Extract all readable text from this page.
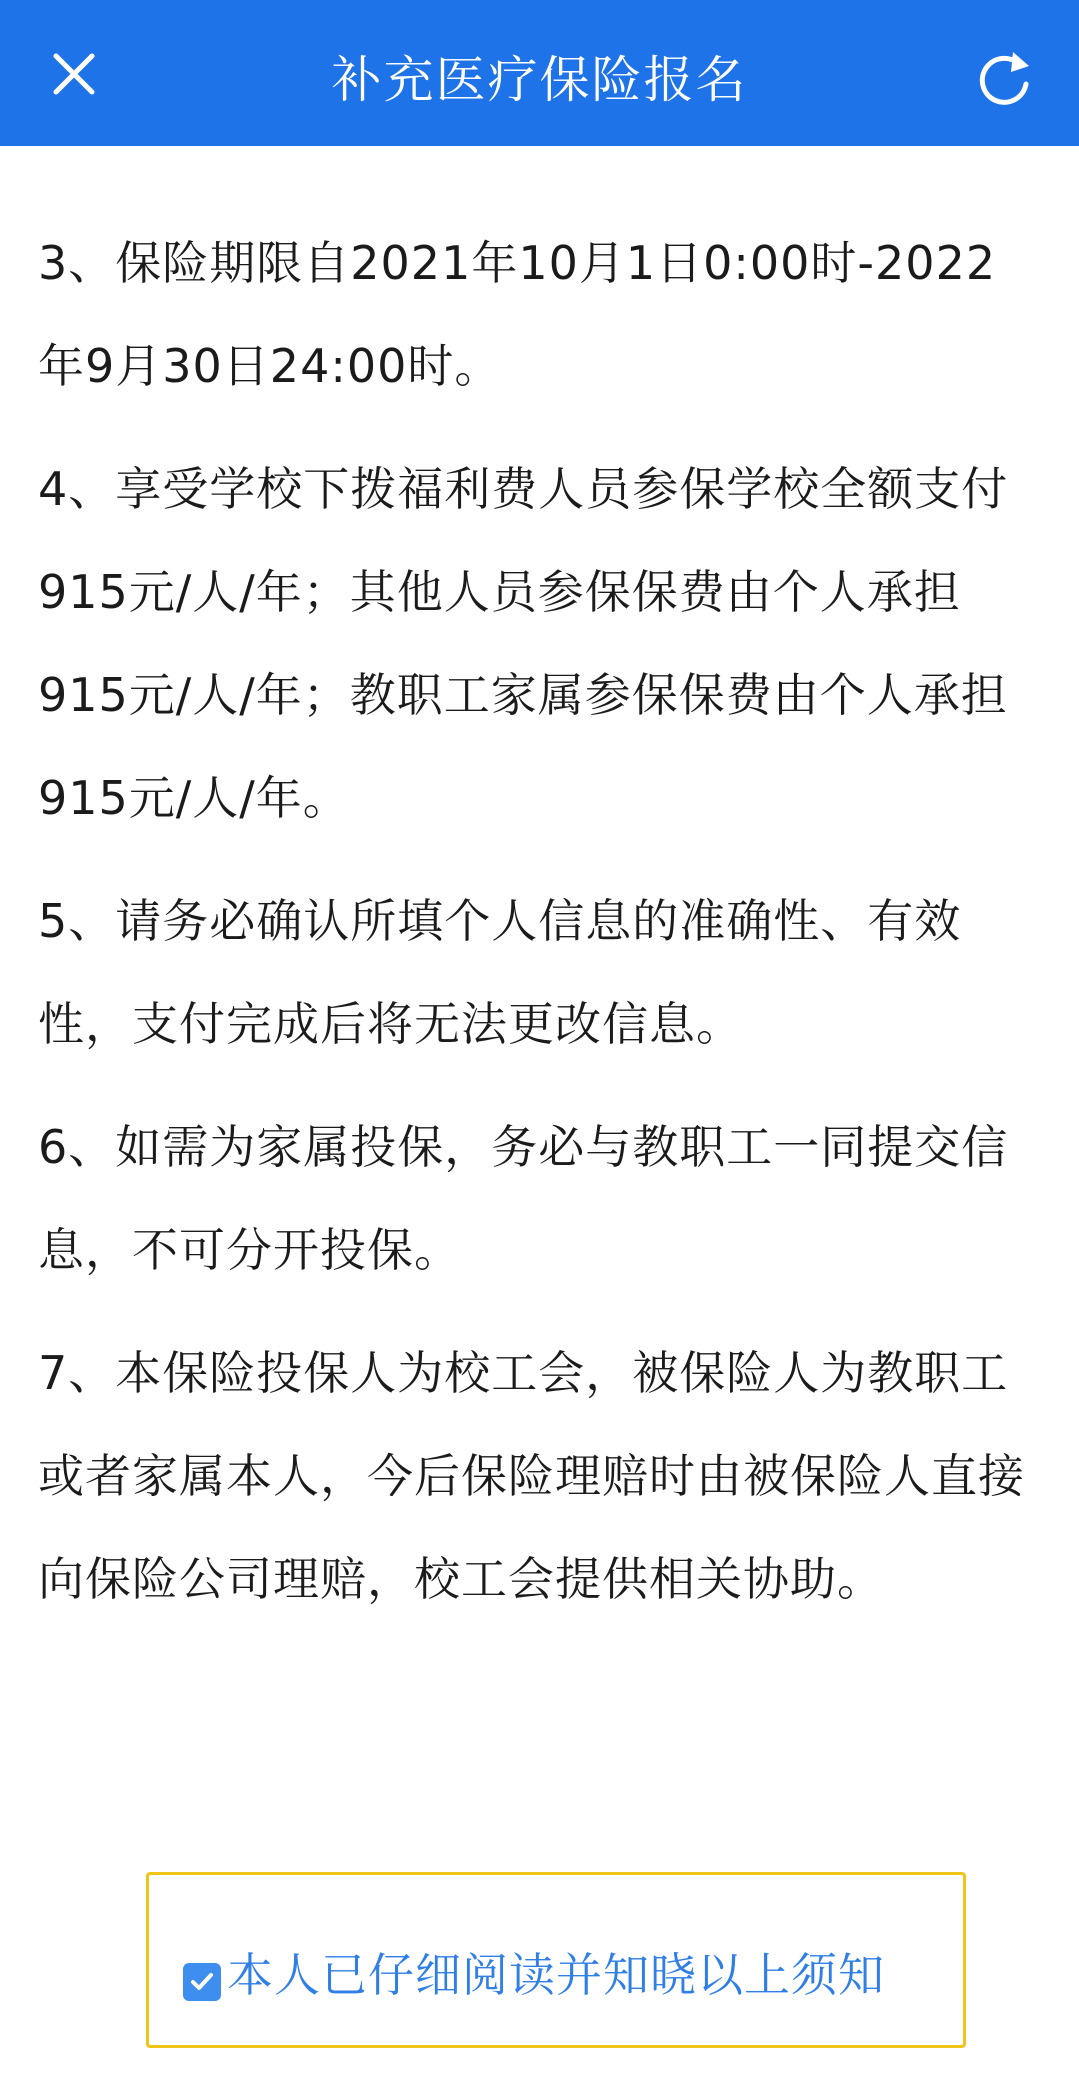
补充医疗保险报名

3、保险期限自2021年10月1日0:00时-2022年9月30日24:00时。

4、享受学校下拨福利费人员参保学校全额支付915元/人/年；其他人员参保保费由个人承担915元/人/年；教职工家属参保保费由个人承担915元/人/年。

5、请务必确认所填个人信息的准确性、有效性，支付完成后将无法更改信息。

6、如需为家属投保，务必与教职工一同提交信息，不可分开投保。

7、本保险投保人为校工会，被保险人为教职工或者家属本人，今后保险理赔时由被保险人直接向保险公司理赔，校工会提供相关协助。

本人已仔细阅读并知晓以上须知
